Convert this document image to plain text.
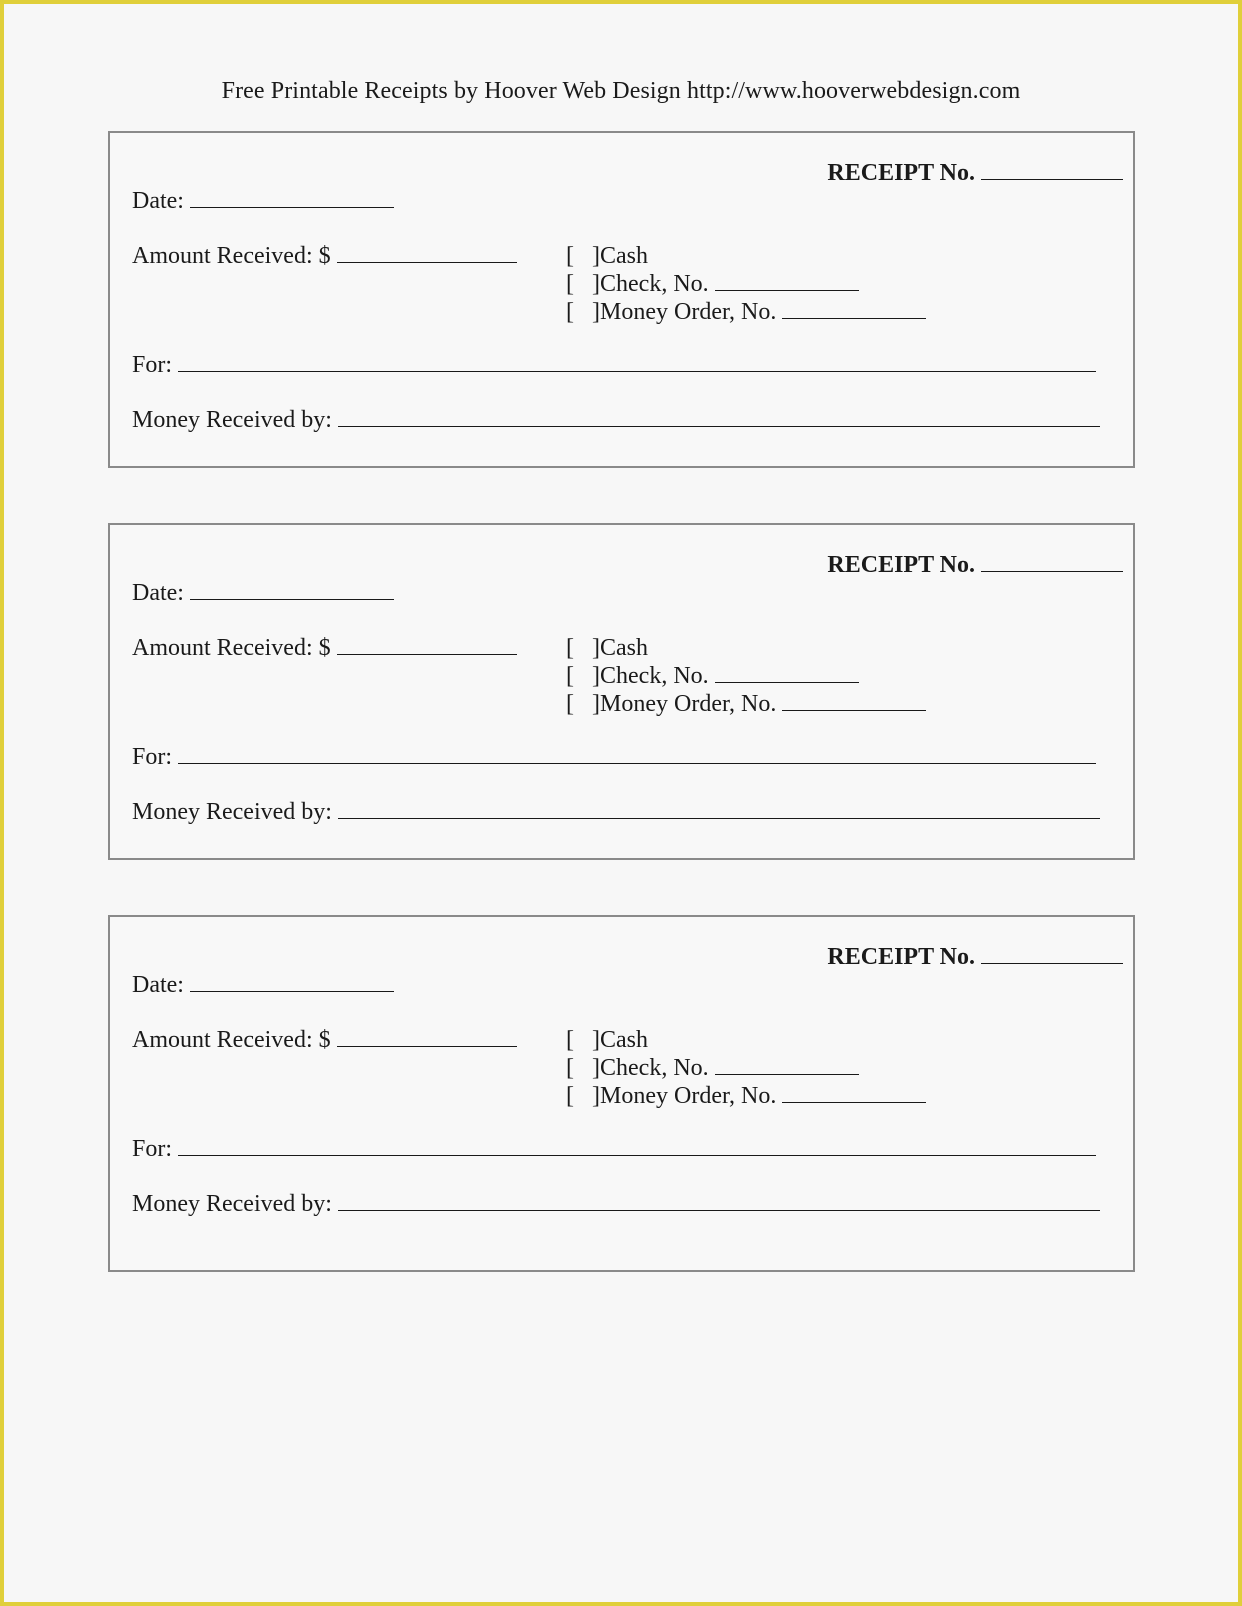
Free Printable Receipts by Hoover Web Design http://www.hooverwebdesign.com
RECEIPT No.
Date:
Amount Received: $	[ ]Cash
[ ]Check, No.
[ ]Money Order, No.
For:
Money Received by:
RECEIPT No.
Date:
Amount Received: $	[ ]Cash
[ ]Check, No.
[ ]Money Order, No.
For:
Money Received by:
RECEIPT No.
Date:
Amount Received: $	[ ]Cash
[ ]Check, No.
[ ]Money Order, No.
For:
Money Received by:
